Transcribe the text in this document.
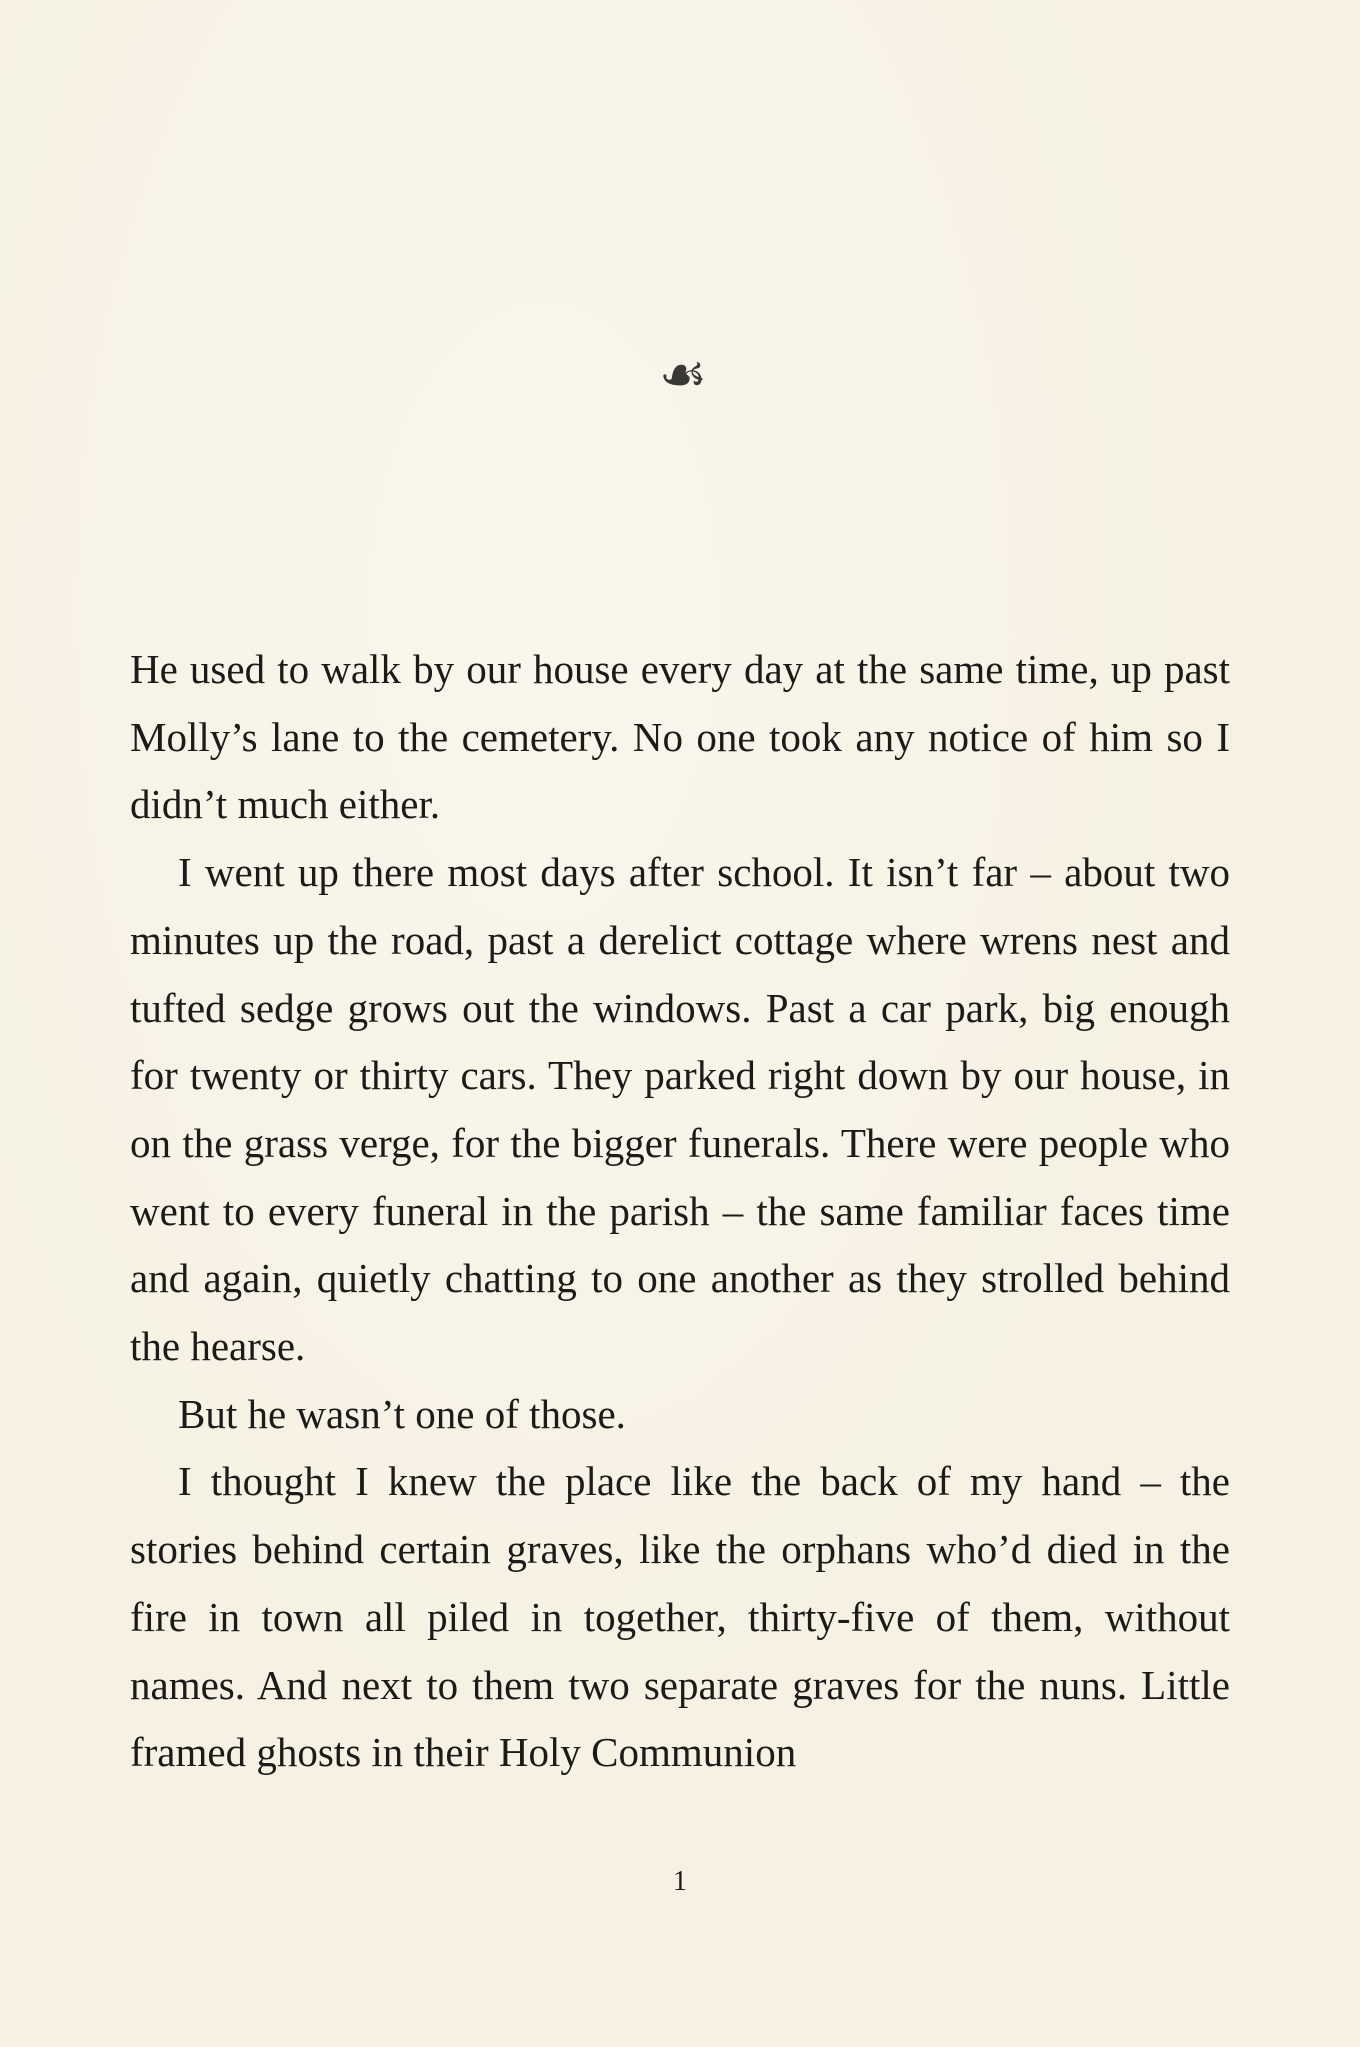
☙

He used to walk by our house every day at the same time, up past Molly’s lane to the cemetery. No one took any notice of him so I didn’t much either.

I went up there most days after school. It isn’t far – about two minutes up the road, past a derelict cottage where wrens nest and tufted sedge grows out the windows. Past a car park, big enough for twenty or thirty cars. They parked right down by our house, in on the grass verge, for the bigger funerals. There were people who went to every funeral in the parish – the same familiar faces time and again, quietly chatting to one another as they strolled behind the hearse.

But he wasn’t one of those.

I thought I knew the place like the back of my hand – the stories behind certain graves, like the orphans who’d died in the fire in town all piled in together, thirty-five of them, without names. And next to them two separate graves for the nuns. Little framed ghosts in their Holy Communion

1
